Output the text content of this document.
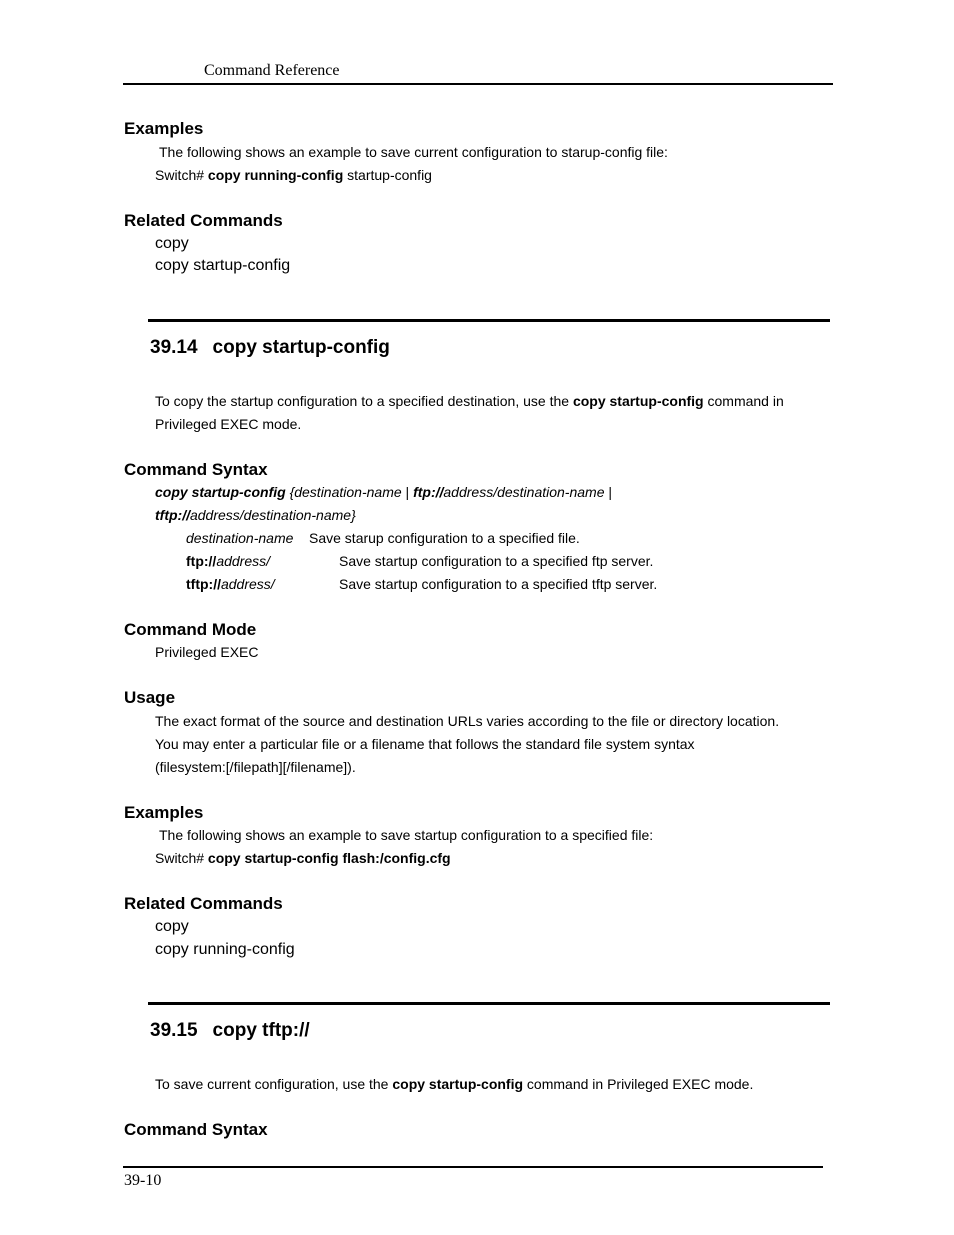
Command Reference
Examples
The following shows an example to save current configuration to starup-config file:
Switch# copy running-config startup-config
Related Commands
copy
copy startup-config
39.14 copy startup-config
To copy the startup configuration to a specified destination, use the copy startup-config command in
Privileged EXEC mode.
Command Syntax
copy startup-config {destination-name | ftp://address/destination-name |
tftp://address/destination-name}
destination-name Save starup configuration to a specified file.
ftp://address/	Save startup configuration to a specified ftp server.
tftp://address/	Save startup configuration to a specified tftp server.
Command Mode
Privileged EXEC
Usage
The exact format of the source and destination URLs varies according to the file or directory location.
You may enter a particular file or a filename that follows the standard file system syntax
(filesystem:[/filepath][/filename]).
Examples
The following shows an example to save startup configuration to a specified file:
Switch# copy startup-config flash:/config.cfg
Related Commands
copy
copy running-config
39.15 copy tftp://
To save current configuration, use the copy startup-config command in Privileged EXEC mode.
Command Syntax
39-10
